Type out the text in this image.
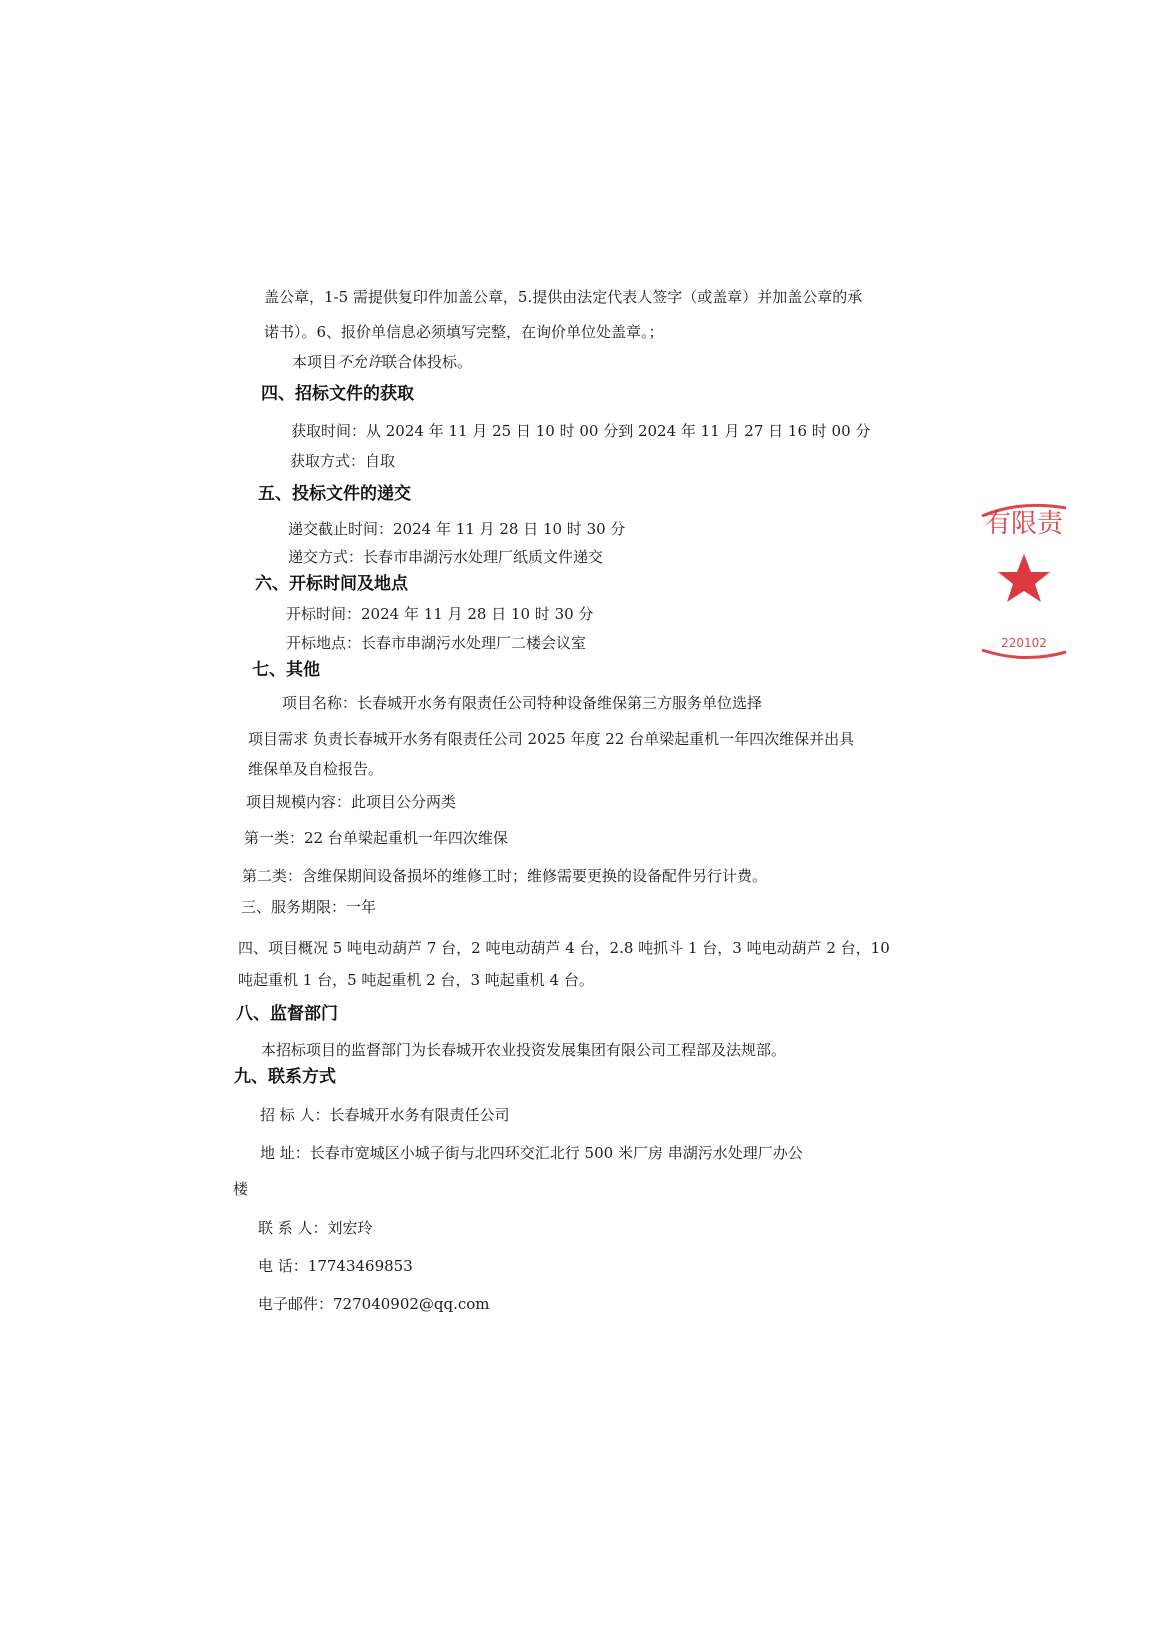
盖公章，1-5 需提供复印件加盖公章，5.提供由法定代表人签字（或盖章）并加盖公章的承
诺书）。6、报价单信息必须填写完整，在询价单位处盖章。；
本项目不允许联合体投标。
四、招标文件的获取
获取时间：从 2024 年 11 月 25 日 10 时 00 分到 2024 年 11 月 27 日 16 时 00 分
获取方式：自取
五、投标文件的递交
递交截止时间：2024 年 11 月 28 日 10 时 30 分
递交方式：长春市串湖污水处理厂纸质文件递交
六、开标时间及地点
开标时间：2024 年 11 月 28 日 10 时 30 分
开标地点：长春市串湖污水处理厂二楼会议室
七、其他
项目名称：长春城开水务有限责任公司特种设备维保第三方服务单位选择
项目需求 负责长春城开水务有限责任公司 2025 年度 22 台单梁起重机一年四次维保并出具
维保单及自检报告。
项目规模内容：此项目公分两类
第一类：22 台单梁起重机一年四次维保
第二类：含维保期间设备损坏的维修工时；维修需要更换的设备配件另行计费。
三、服务期限：一年
四、项目概况 5 吨电动葫芦 7 台，2 吨电动葫芦 4 台，2.8 吨抓斗 1 台，3 吨电动葫芦 2 台，10
吨起重机 1 台，5 吨起重机 2 台，3 吨起重机 4 台。
八、监督部门
本招标项目的监督部门为长春城开农业投资发展集团有限公司工程部及法规部。
九、联系方式
招 标 人：长春城开水务有限责任公司
地 址：长春市宽城区小城子街与北四环交汇北行 500 米厂房 串湖污水处理厂办公
楼
联 系 人：刘宏玲
电 话：17743469853
电子邮件：727040902@qq.com
有限责
220102
